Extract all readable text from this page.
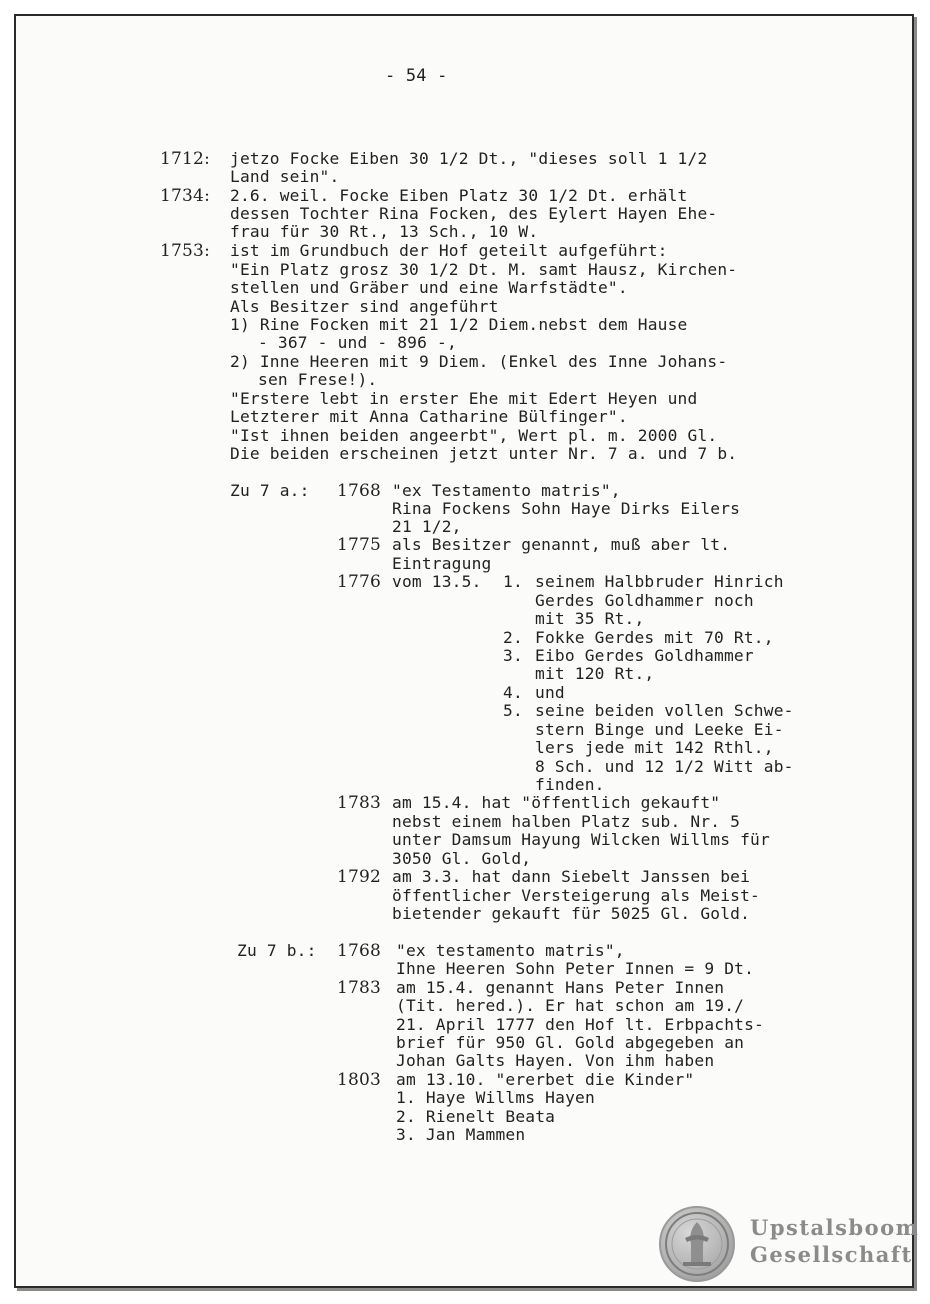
- 54 -
1712: jetzo Focke Eiben 30 1/2 Dt., "dieses soll 1 1/2
Land sein".
1734: 2.6. weil. Focke Eiben Platz 30 1/2 Dt. erhält
dessen Tochter Rina Focken, des Eylert Hayen Ehe-
frau für 30 Rt., 13 Sch., 10 W.
1753: ist im Grundbuch der Hof geteilt aufgeführt:
"Ein Platz grosz 30 1/2 Dt. M. samt Hausz, Kirchen-
stellen und Gräber und eine Warfstädte".
Als Besitzer sind angeführt
1) Rine Focken mit 21 1/2 Diem.nebst dem Hause
- 367 - und - 896 -,
2) Inne Heeren mit 9 Diem. (Enkel des Inne Johans-
sen Frese!).
"Erstere lebt in erster Ehe mit Edert Heyen und
Letzterer mit Anna Catharine Bülfinger".
"Ist ihnen beiden angeerbt", Wert pl. m. 2000 Gl.
Die beiden erscheinen jetzt unter Nr. 7 a. und 7 b.
Zu 7 a.: 1768 "ex Testamento matris",
Rina Fockens Sohn Haye Dirks Eilers
21 1/2,
1775 als Besitzer genannt, muß aber lt.
Eintragung
1776 vom 13.5. 1. seinem Halbbruder Hinrich
Gerdes Goldhammer noch
mit 35 Rt.,
2. Fokke Gerdes mit 70 Rt.,
3. Eibo Gerdes Goldhammer
mit 120 Rt.,
4. und
5. seine beiden vollen Schwe-
stern Binge und Leeke Ei-
lers jede mit 142 Rthl.,
8 Sch. und 12 1/2 Witt ab-
finden.
1783 am 15.4. hat "öffentlich gekauft"
nebst einem halben Platz sub. Nr. 5
unter Damsum Hayung Wilcken Willms für
3050 Gl. Gold,
1792 am 3.3. hat dann Siebelt Janssen bei
öffentlicher Versteigerung als Meist-
bietender gekauft für 5025 Gl. Gold.
Zu 7 b.: 1768 "ex testamento matris",
Ihne Heeren Sohn Peter Innen = 9 Dt.
1783 am 15.4. genannt Hans Peter Innen
(Tit. hered.). Er hat schon am 19./
21. April 1777 den Hof lt. Erbpachts-
brief für 950 Gl. Gold abgegeben an
Johan Galts Hayen. Von ihm haben
1803 am 13.10. "ererbet die Kinder"
1. Haye Willms Hayen
2. Rienelt Beata
3. Jan Mammen
Upstalsboom
Gesellschaft
